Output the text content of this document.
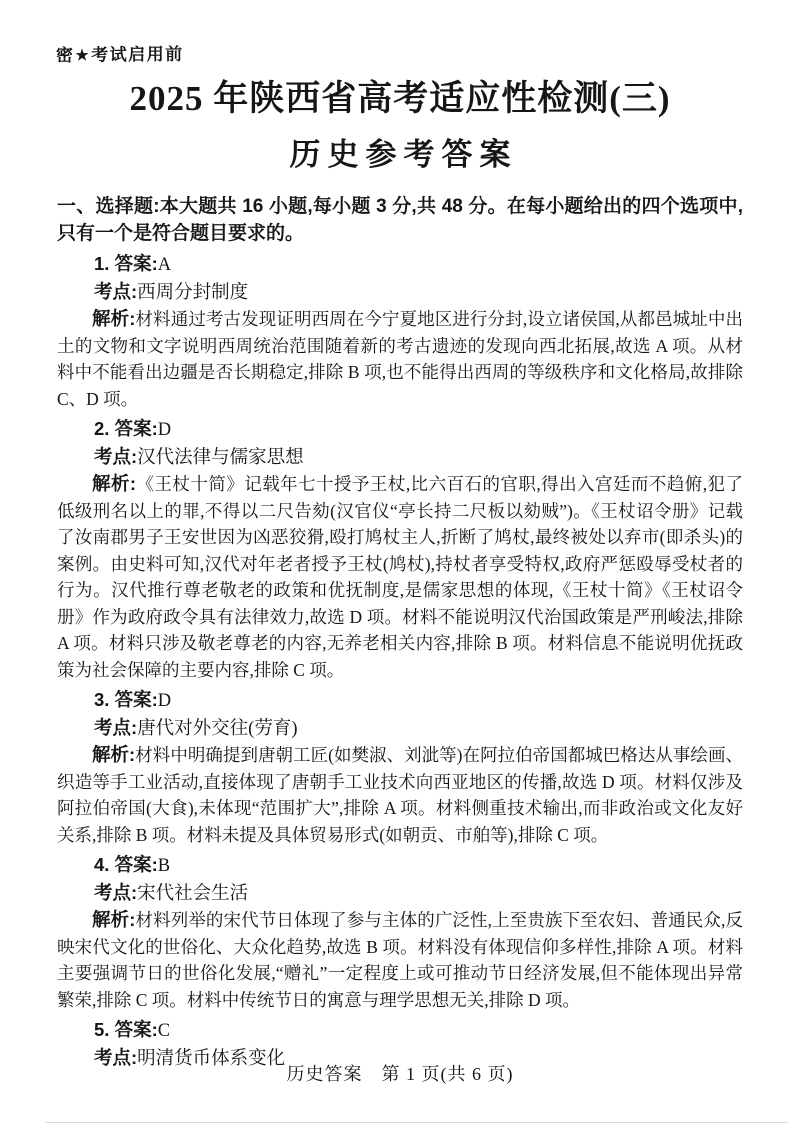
密★考试启用前
2025 年陕西省高考适应性检测(三)
历史参考答案

一、选择题:本大题共 16 小题,每小题 3 分,共 48 分。在每小题给出的四个选项中,只有一个是符合题目要求的。

1. 答案:A

考点:西周分封制度

解析:材料通过考古发现证明西周在今宁夏地区进行分封,设立诸侯国,从都邑城址中出土的文物和文字说明西周统治范围随着新的考古遗迹的发现向西北拓展,故选 A 项。从材料中不能看出边疆是否长期稳定,排除 B 项,也不能得出西周的等级秩序和文化格局,故排除 C、D 项。

2. 答案:D

考点:汉代法律与儒家思想

解析:《王杖十简》记载年七十授予王杖,比六百石的官职,得出入宫廷而不趋俯,犯了低级刑名以上的罪,不得以二尺告劾(汉官仪“亭长持二尺板以劾贼”)。《王杖诏令册》记载了汝南郡男子王安世因为凶恶狡猾,殴打鸠杖主人,折断了鸠杖,最终被处以弃市(即杀头)的案例。由史料可知,汉代对年老者授予王杖(鸠杖),持杖者享受特权,政府严惩殴辱受杖者的行为。汉代推行尊老敬老的政策和优抚制度,是儒家思想的体现,《王杖十简》《王杖诏令册》作为政府政令具有法律效力,故选 D 项。材料不能说明汉代治国政策是严刑峻法,排除 A 项。材料只涉及敬老尊老的内容,无养老相关内容,排除 B 项。材料信息不能说明优抚政策为社会保障的主要内容,排除 C 项。

3. 答案:D

考点:唐代对外交往(劳育)

解析:材料中明确提到唐朝工匠(如樊淑、刘泚等)在阿拉伯帝国都城巴格达从事绘画、织造等手工业活动,直接体现了唐朝手工业技术向西亚地区的传播,故选 D 项。材料仅涉及阿拉伯帝国(大食),未体现“范围扩大”,排除 A 项。材料侧重技术输出,而非政治或文化友好关系,排除 B 项。材料未提及具体贸易形式(如朝贡、市舶等),排除 C 项。

4. 答案:B

考点:宋代社会生活

解析:材料列举的宋代节日体现了参与主体的广泛性,上至贵族下至农妇、普通民众,反映宋代文化的世俗化、大众化趋势,故选 B 项。材料没有体现信仰多样性,排除 A 项。材料主要强调节日的世俗化发展,“赠礼”一定程度上或可推动节日经济发展,但不能体现出异常繁荣,排除 C 项。材料中传统节日的寓意与理学思想无关,排除 D 项。

5. 答案:C

考点:明清货币体系变化

历史答案　第 1 页(共 6 页)
